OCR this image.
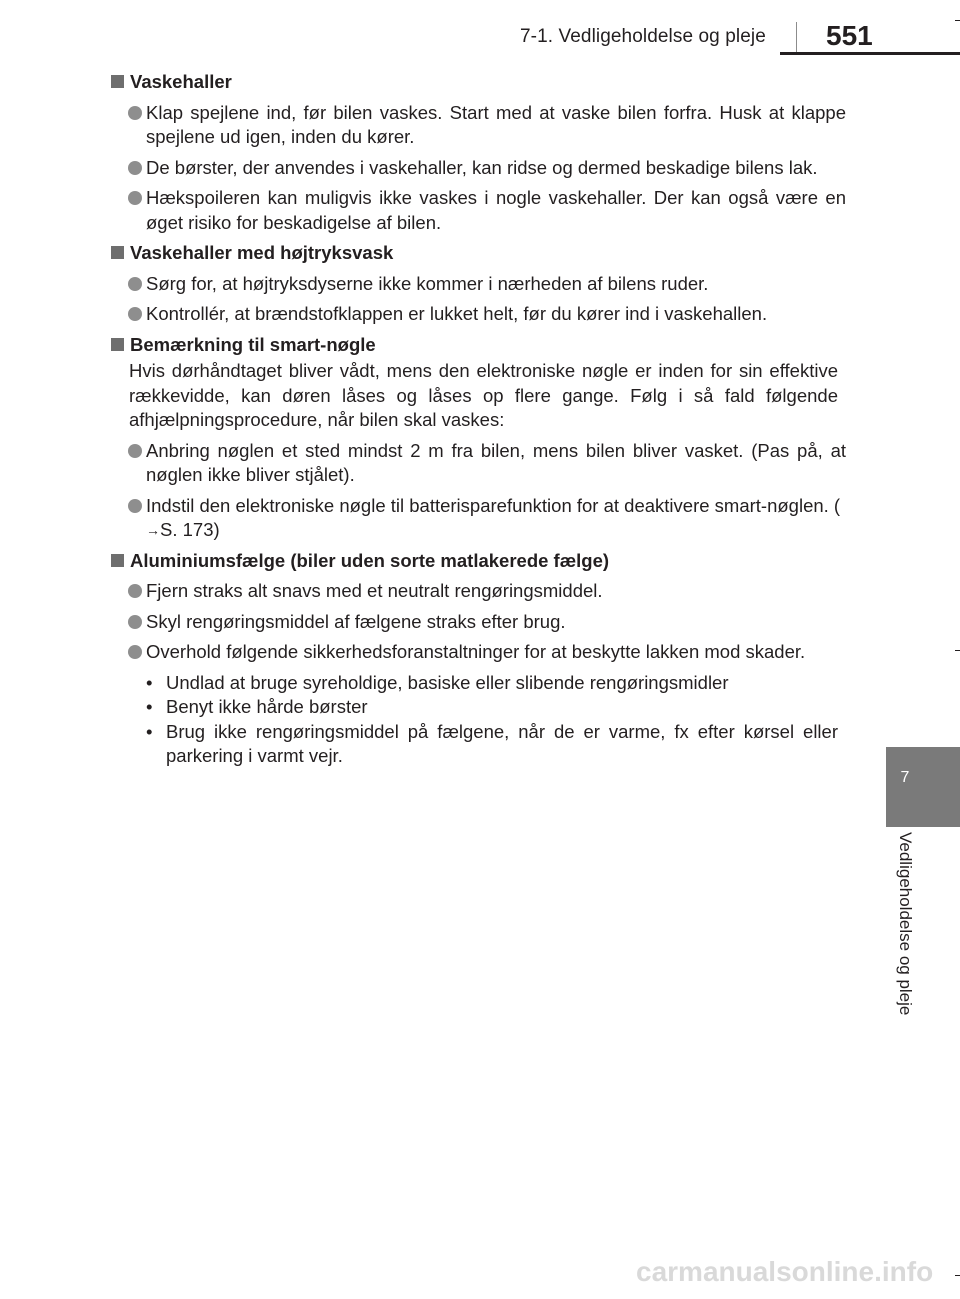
7-1. Vedligeholdelse og pleje 551
7
Vedligeholdelse og pleje
Vaskehaller
Klap spejlene ind, før bilen vaskes. Start med at vaske bilen forfra. Husk at klappe spejlene ud igen, inden du kører.
De børster, der anvendes i vaskehaller, kan ridse og dermed beskadige bilens lak.
Hækspoileren kan muligvis ikke vaskes i nogle vaskehaller. Der kan også være en øget risiko for beskadigelse af bilen.
Vaskehaller med højtryksvask
Sørg for, at højtryksdyserne ikke kommer i nærheden af bilens ruder.
Kontrollér, at brændstofklappen er lukket helt, før du kører ind i vaskehallen.
Bemærkning til smart-nøgle
Hvis dørhåndtaget bliver vådt, mens den elektroniske nøgle er inden for sin effektive rækkevidde, kan døren låses og låses op flere gange. Følg i så fald følgende afhjælpningsprocedure, når bilen skal vaskes:
Anbring nøglen et sted mindst 2 m fra bilen, mens bilen bliver vasket. (Pas på, at nøglen ikke bliver stjålet).
Indstil den elektroniske nøgle til batterisparefunktion for at deaktivere smart-nøglen. (→S. 173)
Aluminiumsfælge (biler uden sorte matlakerede fælge)
Fjern straks alt snavs med et neutralt rengøringsmiddel.
Skyl rengøringsmiddel af fælgene straks efter brug.
Overhold følgende sikkerhedsforanstaltninger for at beskytte lakken mod skader.
• Undlad at bruge syreholdige, basiske eller slibende rengøringsmidler
• Benyt ikke hårde børster
• Brug ikke rengøringsmiddel på fælgene, når de er varme, fx efter kørsel eller parkering i varmt vejr.
carmanualsonline.info
